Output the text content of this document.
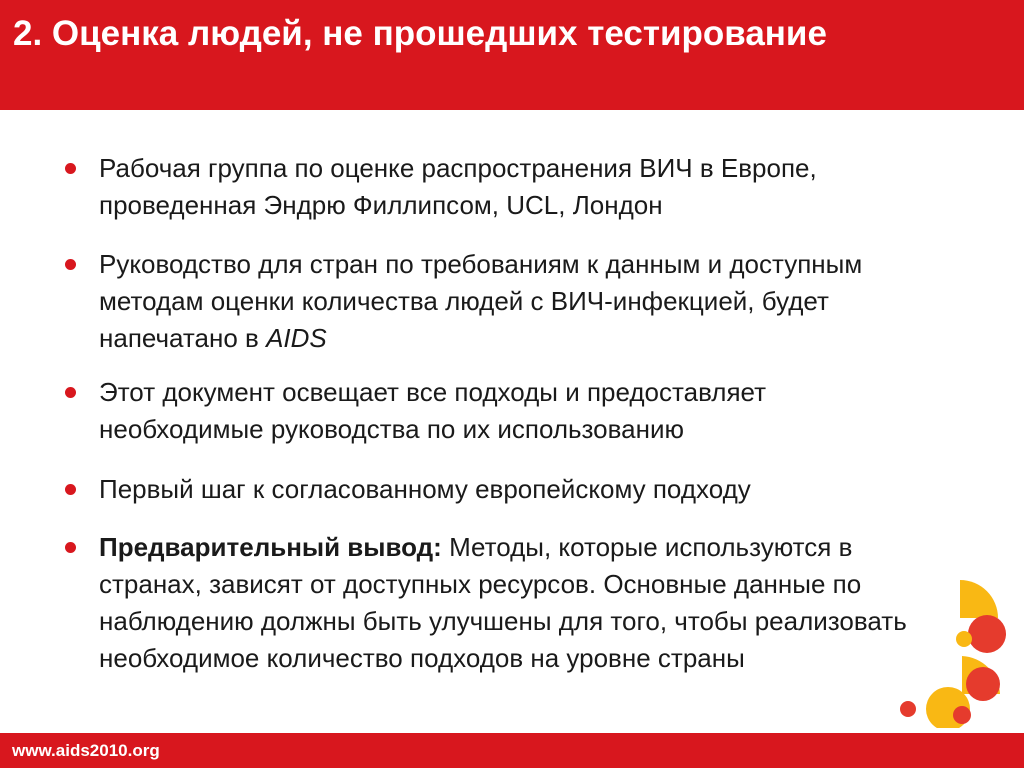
2. Оценка людей, не прошедших тестирование
Рабочая группа по оценке распространения ВИЧ в Европе, проведенная Эндрю Филлипсом, UCL, Лондон
Руководство для стран по требованиям к данным и доступным методам оценки количества людей с ВИЧ-инфекцией, будет напечатано в AIDS
Этот документ освещает все подходы и предоставляет необходимые руководства по их использованию
Первый шаг к согласованному европейскому подходу
Предварительный вывод: Методы, которые используются в странах, зависят от доступных ресурсов. Основные данные по наблюдению должны быть улучшены для того, чтобы реализовать необходимое количество подходов на уровне страны
www.aids2010.org
